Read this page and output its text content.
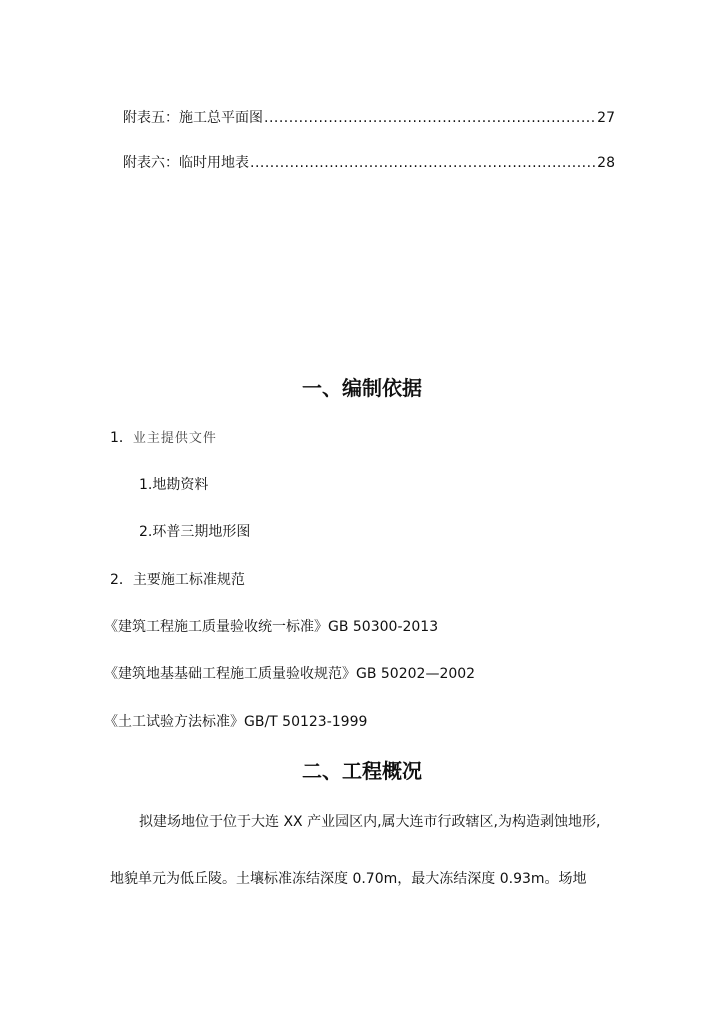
附表五：施工总平面图 .....	27
附表六：临时用地表 .....	28
一、编制依据
1．业主提供文件
1.地勘资料
2.环普三期地形图
2．主要施工标准规范
《建筑工程施工质量验收统一标准》GB 50300-2013
《建筑地基基础工程施工质量验收规范》GB 50202—2002
《土工试验方法标准》GB/T 50123-1999
二、工程概况
拟建场地位于位于大连 XX 产业园区内,属大连市行政辖区,为构造剥蚀地形,
地貌单元为低丘陵。土壤标准冻结深度 0.70m，最大冻结深度 0.93m。场地
